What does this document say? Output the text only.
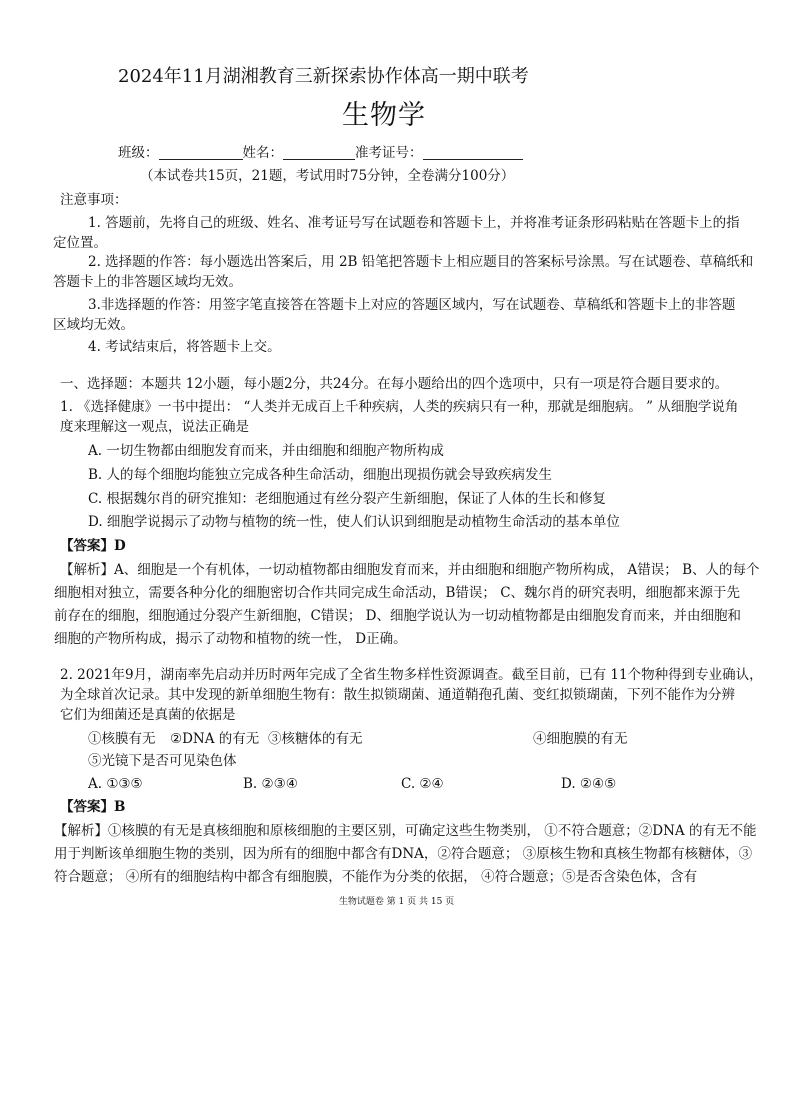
2024年11月湖湘教育三新探索协作体高一期中联考
生物学
班级：	姓名：	准考证号：
（本试卷共15页，21题，考试用时75分钟，全卷满分100分）
注意事项：
1. 答题前，先将自己的班级、姓名、准考证号写在试题卷和答题卡上，并将准考证条形码粘贴在答题卡上的指
定位置。
2. 选择题的作答：每小题选出答案后，用 2B 铅笔把答题卡上相应题目的答案标号涂黑。写在试题卷、草稿纸和
答题卡上的非答题区域均无效。
3.非选择题的作答：用签字笔直接答在答题卡上对应的答题区域内，写在试题卷、草稿纸和答题卡上的非答题
区域均无效。
4. 考试结束后，将答题卡上交。
一、选择题：本题共 12小题，每小题2分，共24分。在每小题给出的四个选项中，只有一项是符合题目要求的。
1. 《选择健康》一书中提出： “人类并无成百上千种疾病，人类的疾病只有一种，那就是细胞病。 ” 从细胞学说角
度来理解这一观点，说法正确是
A. 一切生物都由细胞发育而来，并由细胞和细胞产物所构成
B. 人的每个细胞均能独立完成各种生命活动，细胞出现损伤就会导致疾病发生
C. 根据魏尔肖的研究推知：老细胞通过有丝分裂产生新细胞，保证了人体的生长和修复
D. 细胞学说揭示了动物与植物的统一性，使人们认识到细胞是动植物生命活动的基本单位
【答案】D
【解析】A、细胞是一个有机体，一切动植物都由细胞发育而来，并由细胞和细胞产物所构成， A错误； B、人的每个
细胞相对独立，需要各种分化的细胞密切合作共同完成生命活动，B错误； C、魏尔肖的研究表明，细胞都来源于先
前存在的细胞，细胞通过分裂产生新细胞，C错误； D、细胞学说认为一切动植物都是由细胞发育而来，并由细胞和
细胞的产物所构成，揭示了动物和植物的统一性， D正确。
2. 2021年9月，湖南率先启动并历时两年完成了全省生物多样性资源调查。截至目前，已有 11个物种得到专业确认，
为全球首次记录。其中发现的新单细胞生物有：散生拟锁瑚菌、通道鞘孢孔菌、变红拟锁瑚菌，下列不能作为分辨
它们为细菌还是真菌的依据是
①核膜有无 ②DNA 的有无 ③核糖体的有无	④细胞膜的有无
⑤光镜下是否可见染色体
A. ①③⑤	B. ②③④	C. ②④	D. ②④⑤
【答案】B
【解析】①核膜的有无是真核细胞和原核细胞的主要区别，可确定这些生物类别， ①不符合题意；②DNA 的有无不能
用于判断该单细胞生物的类别，因为所有的细胞中都含有DNA，②符合题意； ③原核生物和真核生物都有核糖体，③
符合题意； ④所有的细胞结构中都含有细胞膜，不能作为分类的依据， ④符合题意；⑤是否含染色体，含有
生物试题卷 第 1 页 共 15 页
